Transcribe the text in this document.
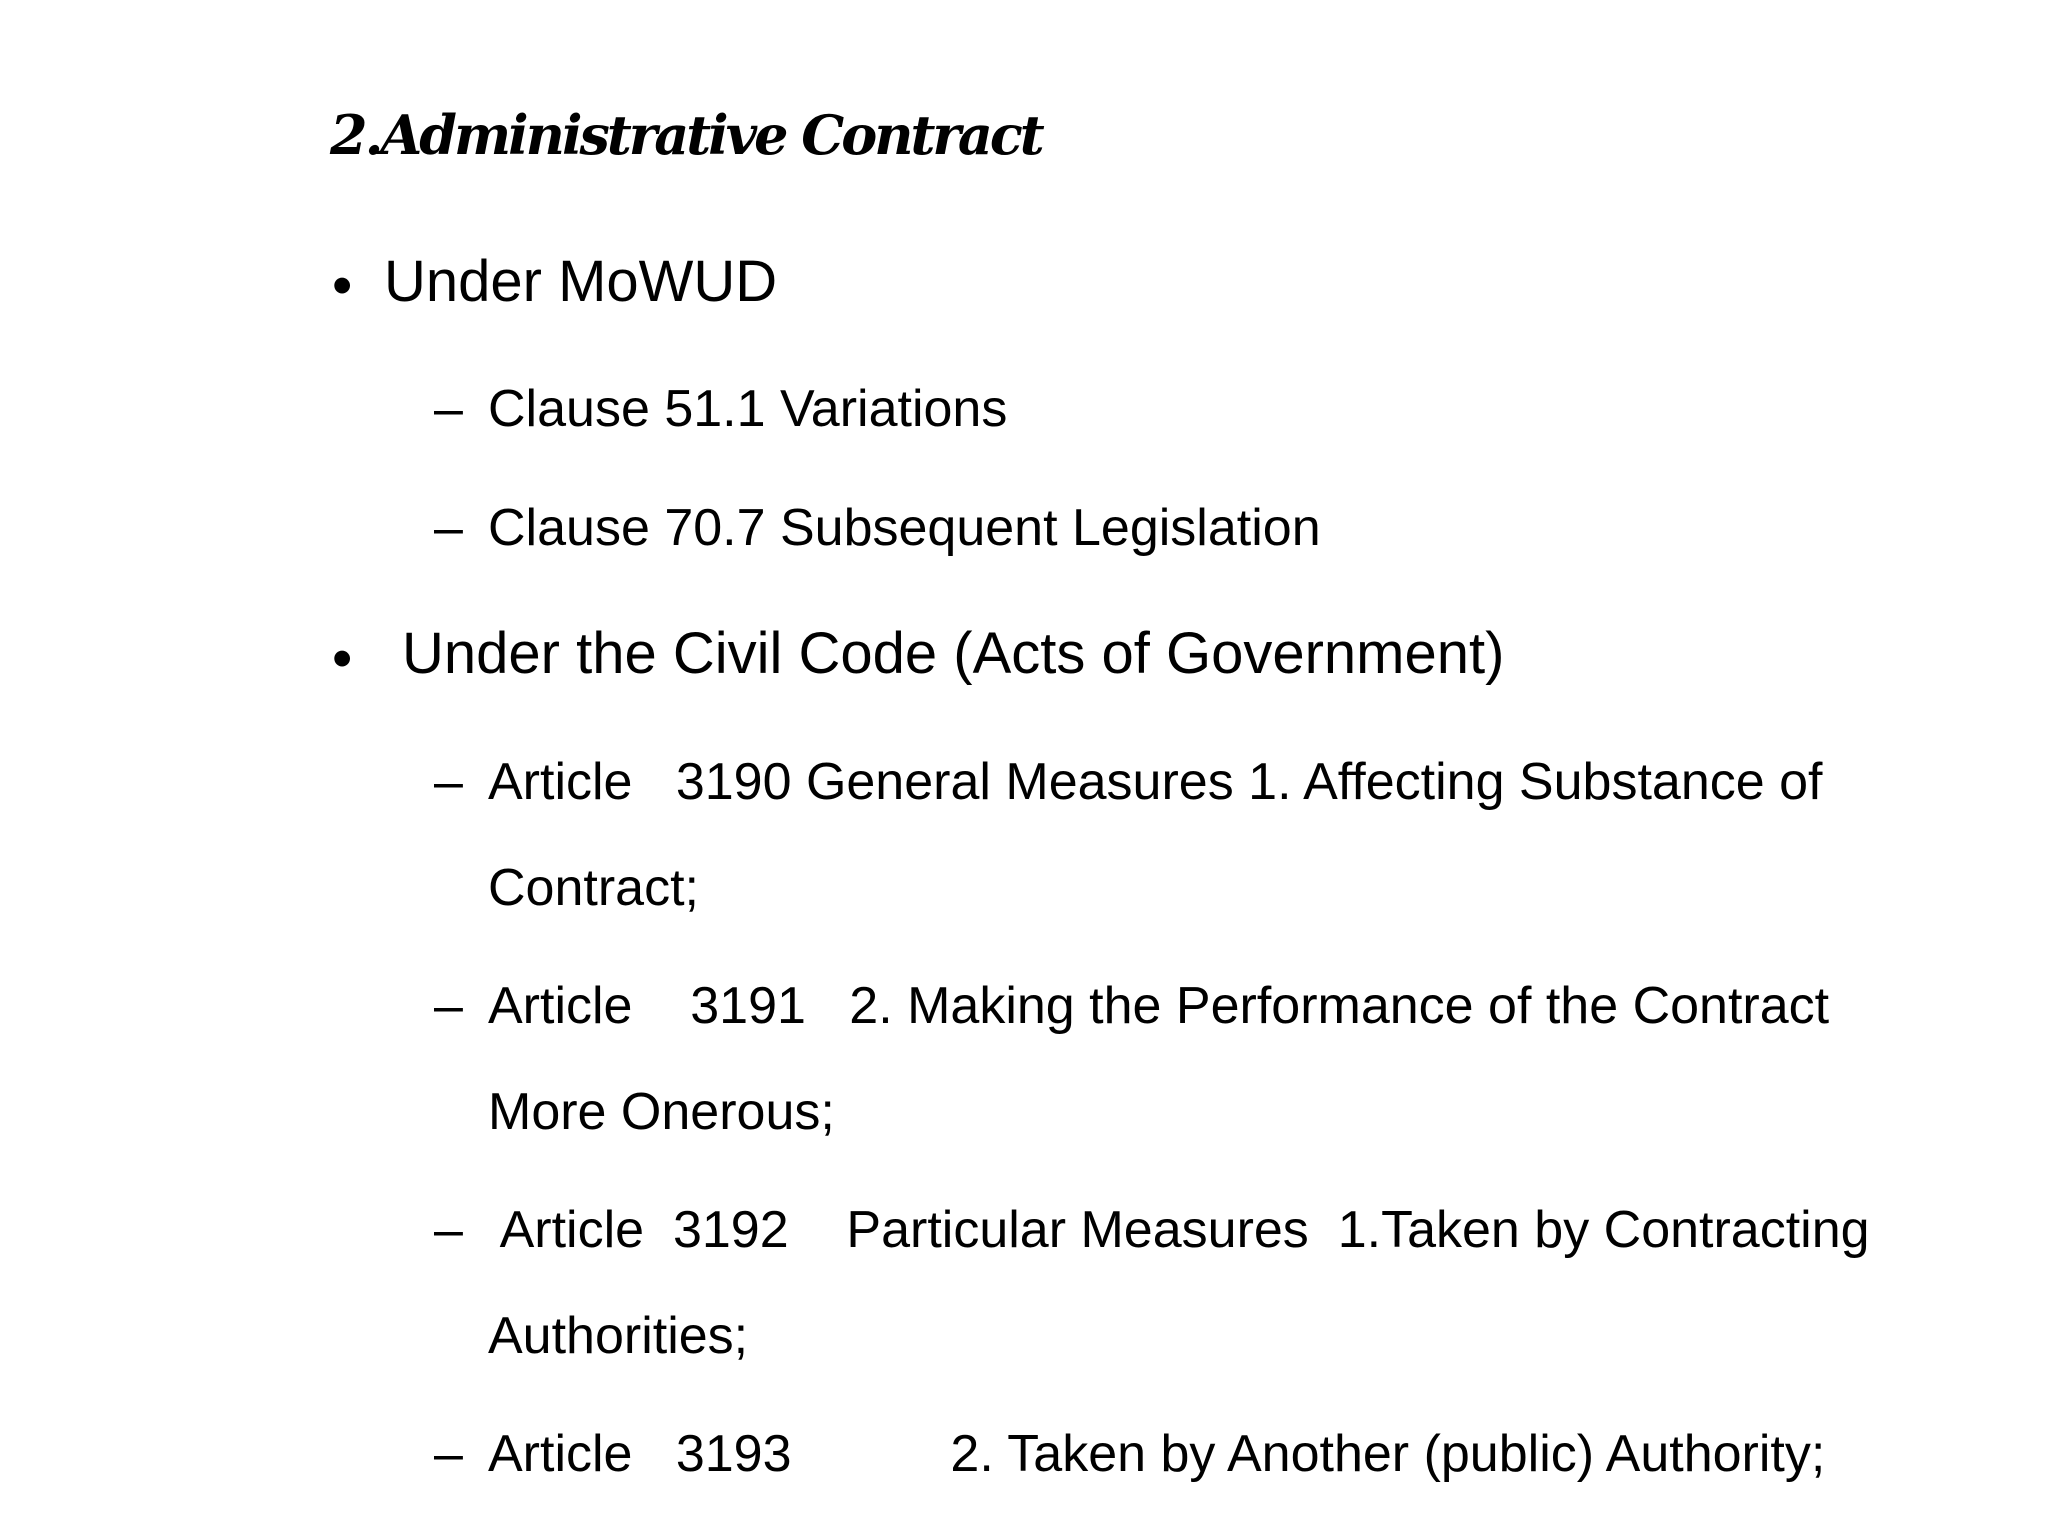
2.Administrative Contract
• Under MoWUD
– Clause 51.1 Variations
– Clause 70.7 Subsequent Legislation
• Under the Civil Code (Acts of Government)
– Article   3190 General Measures 1. Affecting Substance of
Contract;
– Article    3191   2. Making the Performance of the Contract
More Onerous;
– Article  3192    Particular Measures  1.Taken by Contracting
Authorities;
– Article   3193           2. Taken by Another (public) Authority;
